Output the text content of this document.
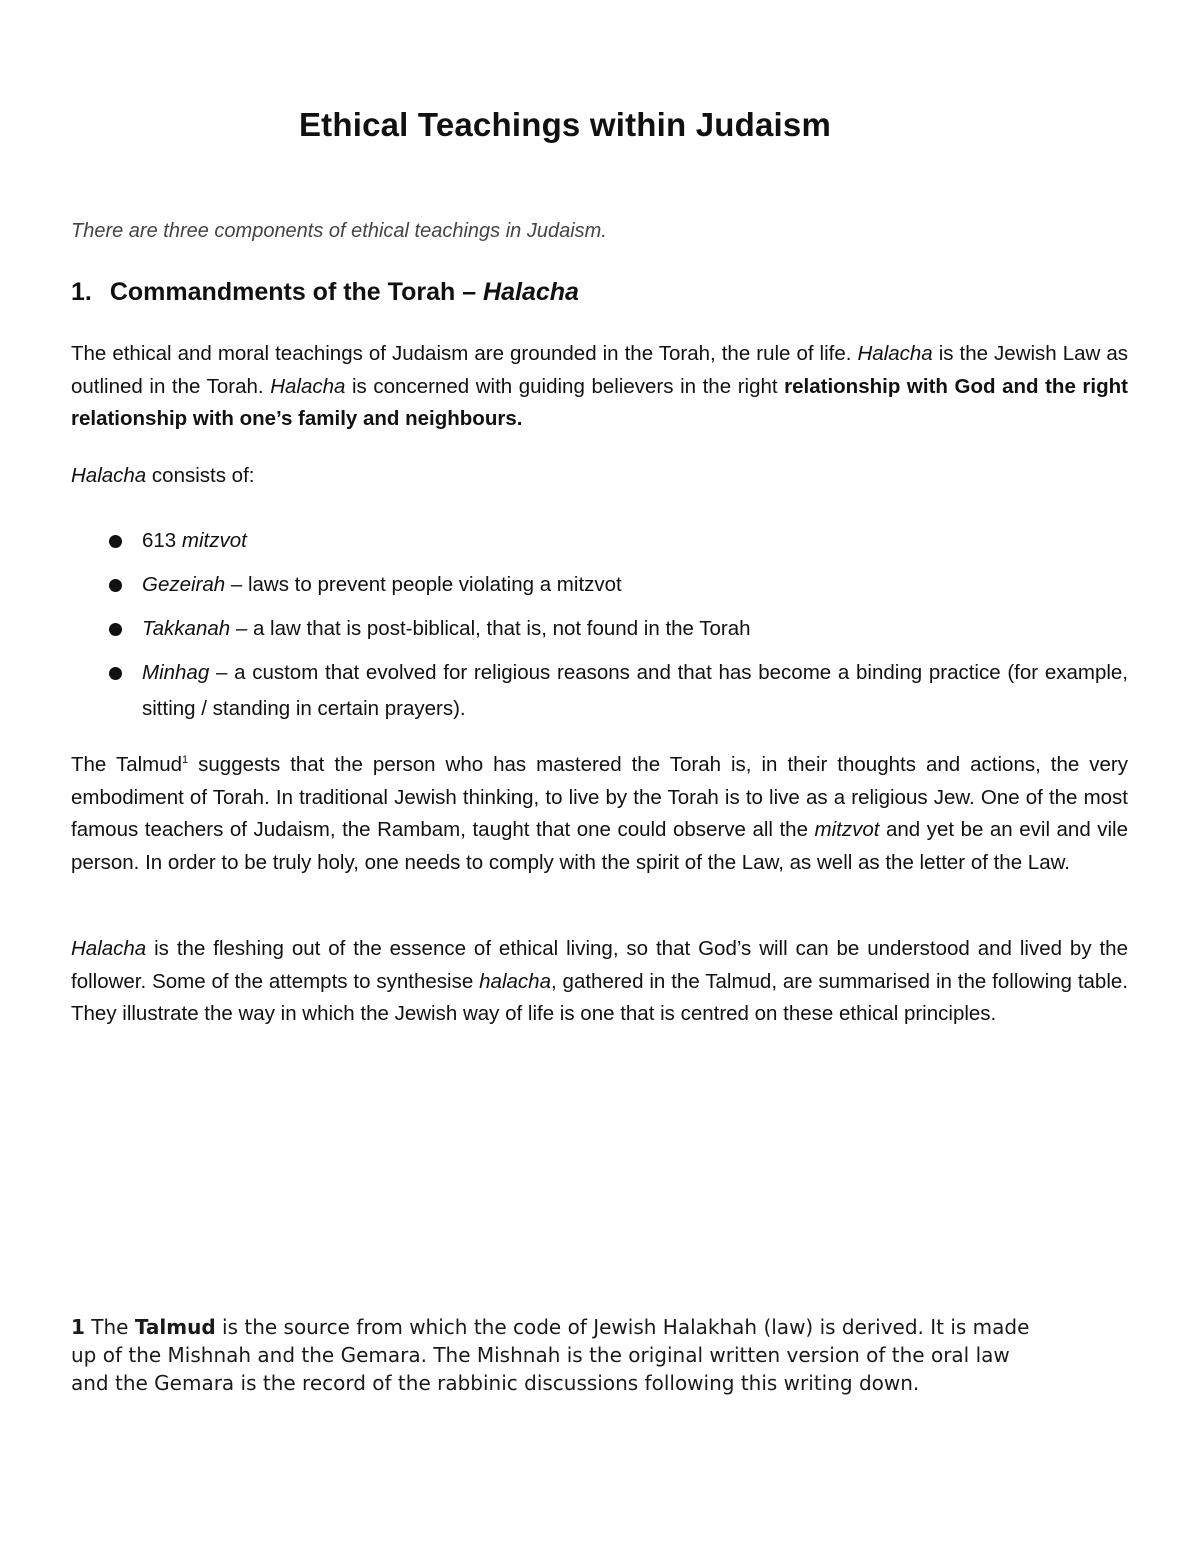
Ethical Teachings within Judaism

There are three components of ethical teachings in Judaism.

1. Commandments of the Torah – Halacha

The ethical and moral teachings of Judaism are grounded in the Torah, the rule of life. Halacha is the Jewish Law as outlined in the Torah. Halacha is concerned with guiding believers in the right relationship with God and the right relationship with one’s family and neighbours.

Halacha consists of:

613 mitzvot
Gezeirah – laws to prevent people violating a mitzvot
Takkanah – a law that is post-biblical, that is, not found in the Torah
Minhag – a custom that evolved for religious reasons and that has become a binding practice (for example, sitting / standing in certain prayers).

The Talmud$^1$ suggests that the person who has mastered the Torah is, in their thoughts and actions, the very embodiment of Torah. In traditional Jewish thinking, to live by the Torah is to live as a religious Jew. One of the most famous teachers of Judaism, the Rambam, taught that one could observe all the mitzvot and yet be an evil and vile person. In order to be truly holy, one needs to comply with the spirit of the Law, as well as the letter of the Law.

Halacha is the fleshing out of the essence of ethical living, so that God’s will can be understood and lived by the follower. Some of the attempts to synthesise halacha, gathered in the Talmud, are summarised in the following table. They illustrate the way in which the Jewish way of life is one that is centred on these ethical principles.

1 The Talmud is the source from which the code of Jewish Halakhah (law) is derived. It is made up of the Mishnah and the Gemara. The Mishnah is the original written version of the oral law and the Gemara is the record of the rabbinic discussions following this writing down.
